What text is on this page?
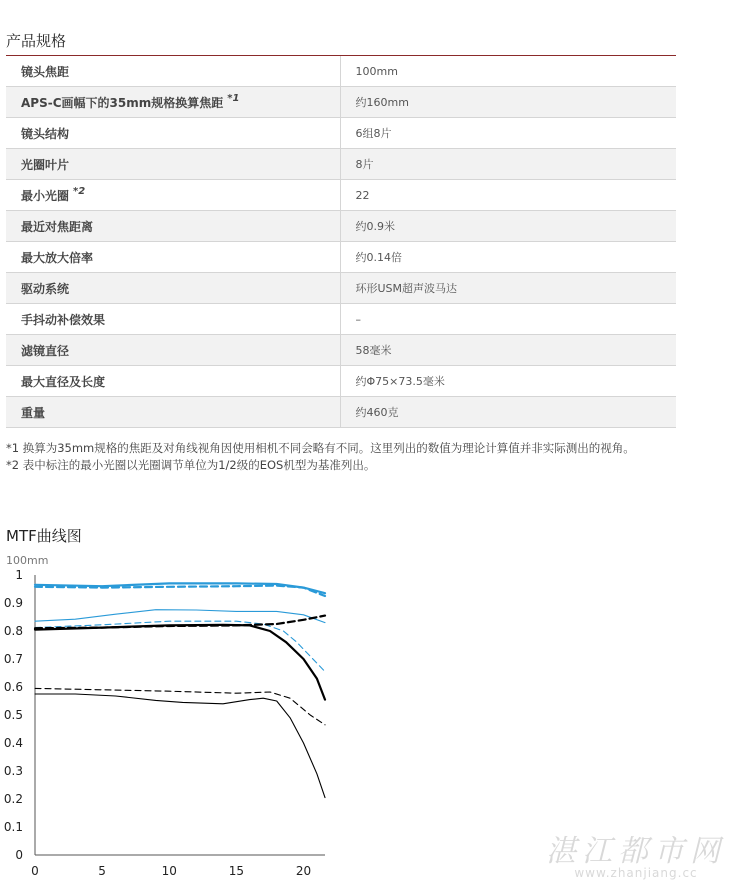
产品规格
镜头焦距	100mm
APS-C画幅下的35mm规格换算焦距 $^{*1}$	约160mm
镜头结构	6组8片
光圈叶片	8片
最小光圈 $^{*2}$	22
最近对焦距离	约0.9米
最大放大倍率	约0.14倍
驱动系统	环形USM超声波马达
手抖动补偿效果	–
滤镜直径	58毫米
最大直径及长度	约Φ75×73.5毫米
重量	约460克
*1 换算为35mm规格的焦距及对角线视角因使用相机不同会略有不同。这里列出的数值为理论计算值并非实际测出的视角。
*2 表中标注的最小光圈以光圈调节单位为1/2级的EOS机型为基准列出。
MTF曲线图
100mm
0
0.1
0.2
0.3
0.4
0.5
0.6
0.7
0.8
0.9
1
0	5	10	15	20
湛江都市网
www.zhanjiang.cc
